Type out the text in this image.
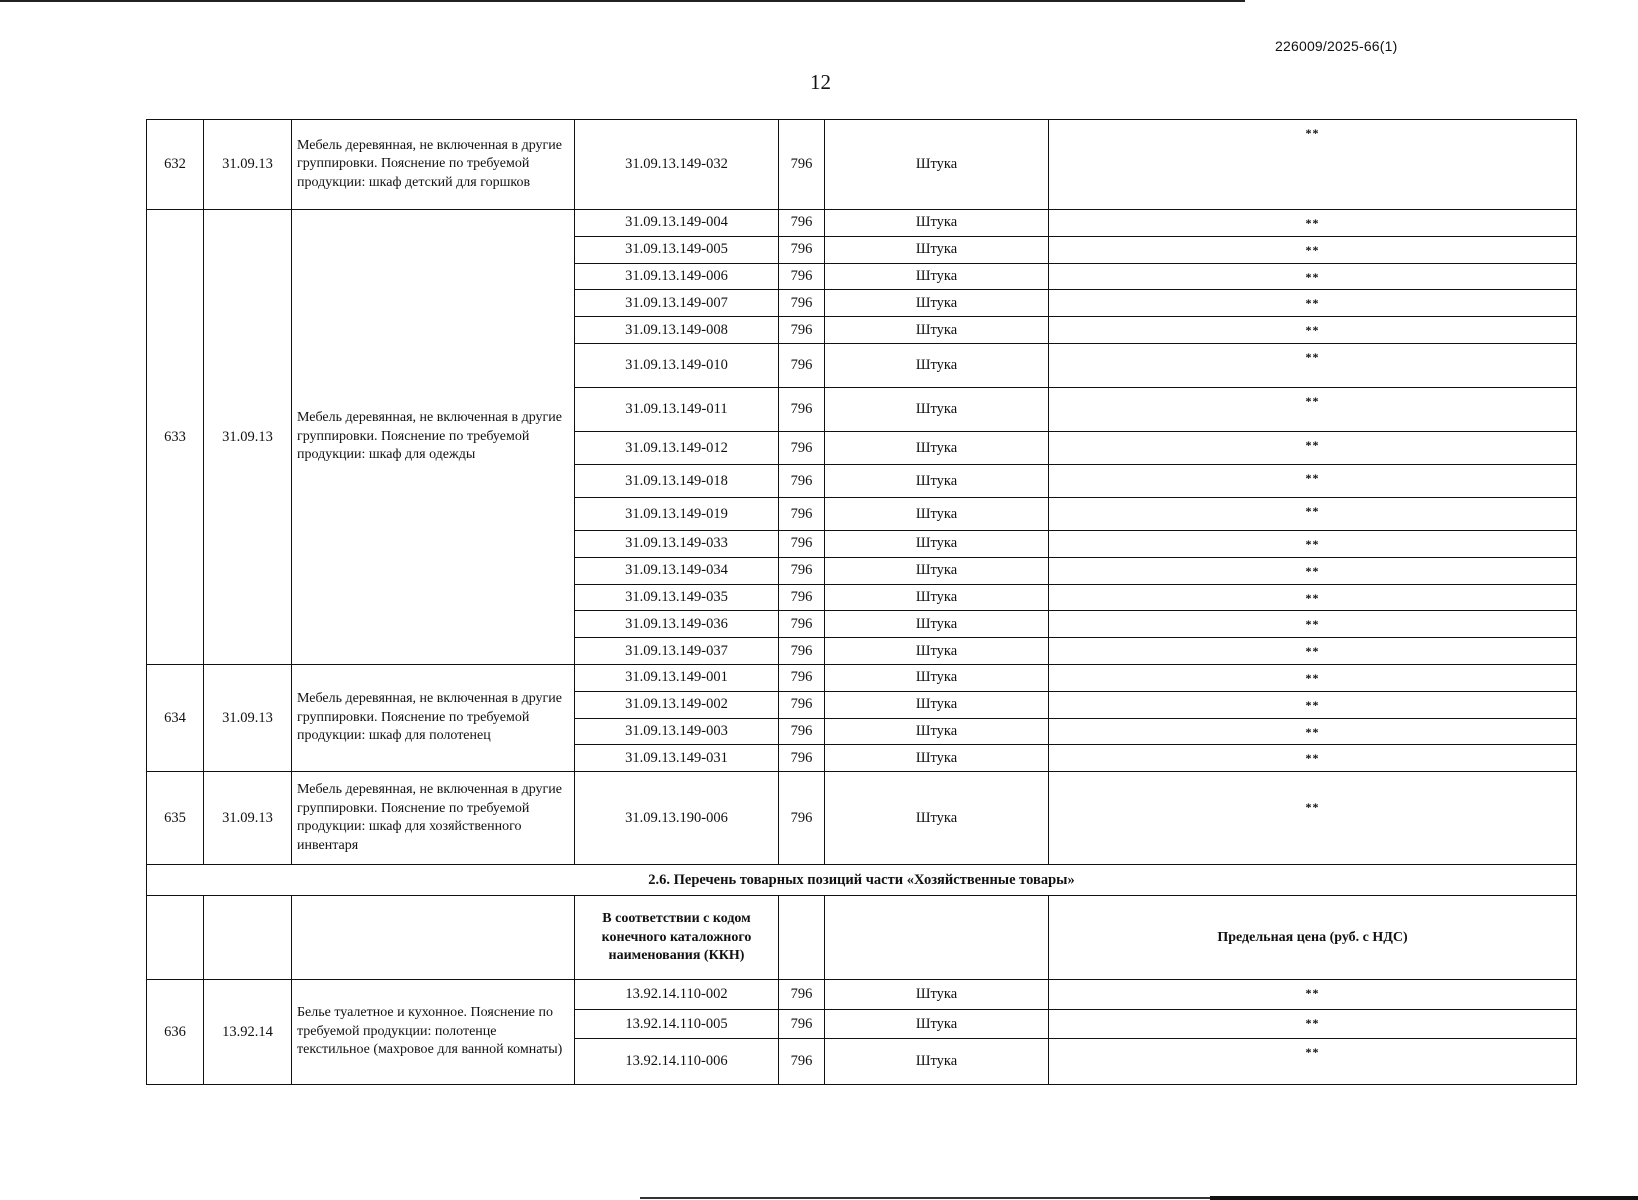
226009/2025-66(1)
12
632	31.09.13	Мебель деревянная, не включенная в другие группировки. Пояснение по требуемой продукции: шкаф детский для горшков	31.09.13.149-032	796	Штука	**
633	31.09.13	Мебель деревянная, не включенная в другие группировки. Пояснение по требуемой продукции: шкаф для одежды	31.09.13.149-004	796	Штука	**
			31.09.13.149-005	796	Штука	**
			31.09.13.149-006	796	Штука	**
			31.09.13.149-007	796	Штука	**
			31.09.13.149-008	796	Штука	**
			31.09.13.149-010	796	Штука	**
			31.09.13.149-011	796	Штука	**
			31.09.13.149-012	796	Штука	**
			31.09.13.149-018	796	Штука	**
			31.09.13.149-019	796	Штука	**
			31.09.13.149-033	796	Штука	**
			31.09.13.149-034	796	Штука	**
			31.09.13.149-035	796	Штука	**
			31.09.13.149-036	796	Штука	**
			31.09.13.149-037	796	Штука	**
634	31.09.13	Мебель деревянная, не включенная в другие группировки. Пояснение по требуемой продукции: шкаф для полотенец	31.09.13.149-001	796	Штука	**
			31.09.13.149-002	796	Штука	**
			31.09.13.149-003	796	Штука	**
			31.09.13.149-031	796	Штука	**
635	31.09.13	Мебель деревянная, не включенная в другие группировки. Пояснение по требуемой продукции: шкаф для хозяйственного инвентаря	31.09.13.190-006	796	Штука	**
2.6. Перечень товарных позиций части «Хозяйственные товары»						
			В соответствии с кодом конечного каталожного наименования (ККН)			Предельная цена (руб. с НДС)
636	13.92.14	Белье туалетное и кухонное. Пояснение по требуемой продукции: полотенце текстильное (махровое для ванной комнаты)	13.92.14.110-002	796	Штука	**
			13.92.14.110-005	796	Штука	**
			13.92.14.110-006	796	Штука	**
